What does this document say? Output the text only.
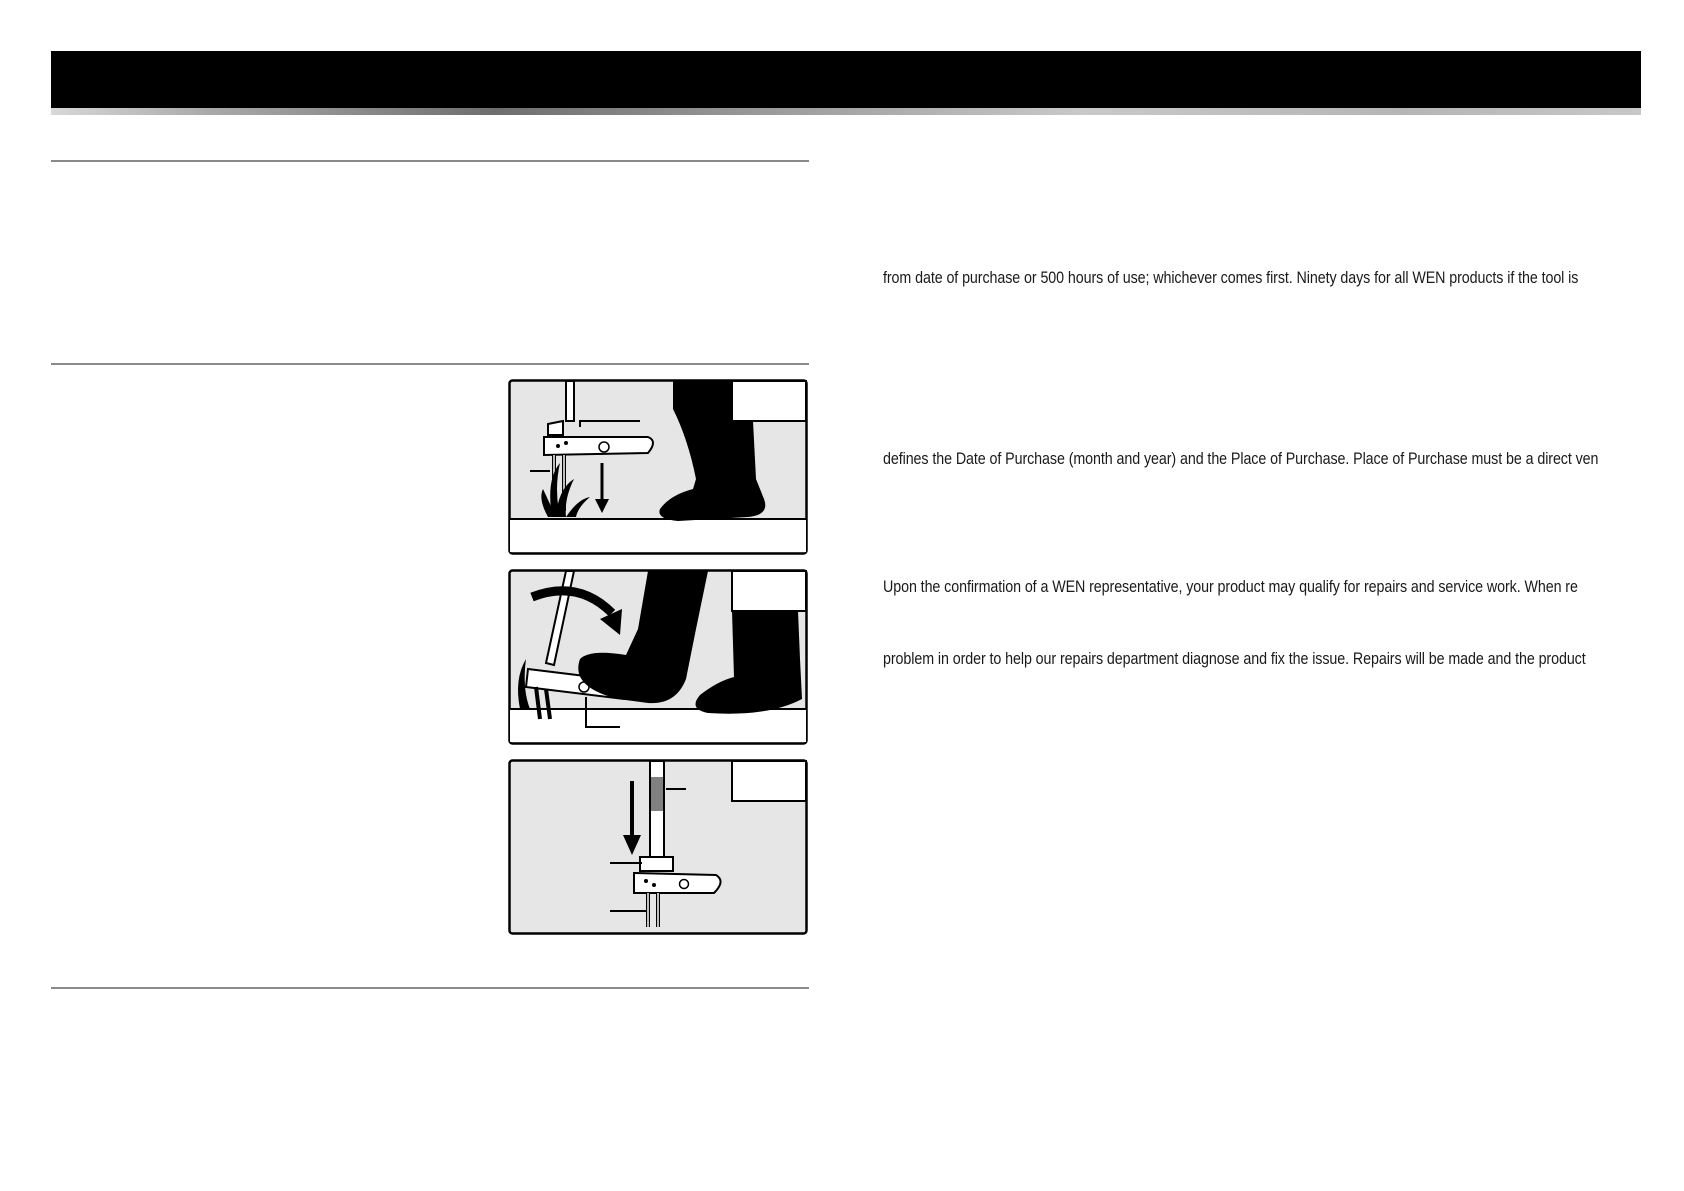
from date of purchase or 500 hours of use; whichever comes first. Ninety days for all WEN products if the tool is
defines the Date of Purchase (month and year) and the Place of Purchase. Place of Purchase must be a direct ven
Upon the confirmation of a WEN representative, your product may qualify for repairs and service work. When re
problem in order to help our repairs department diagnose and fix the issue. Repairs will be made and the product
